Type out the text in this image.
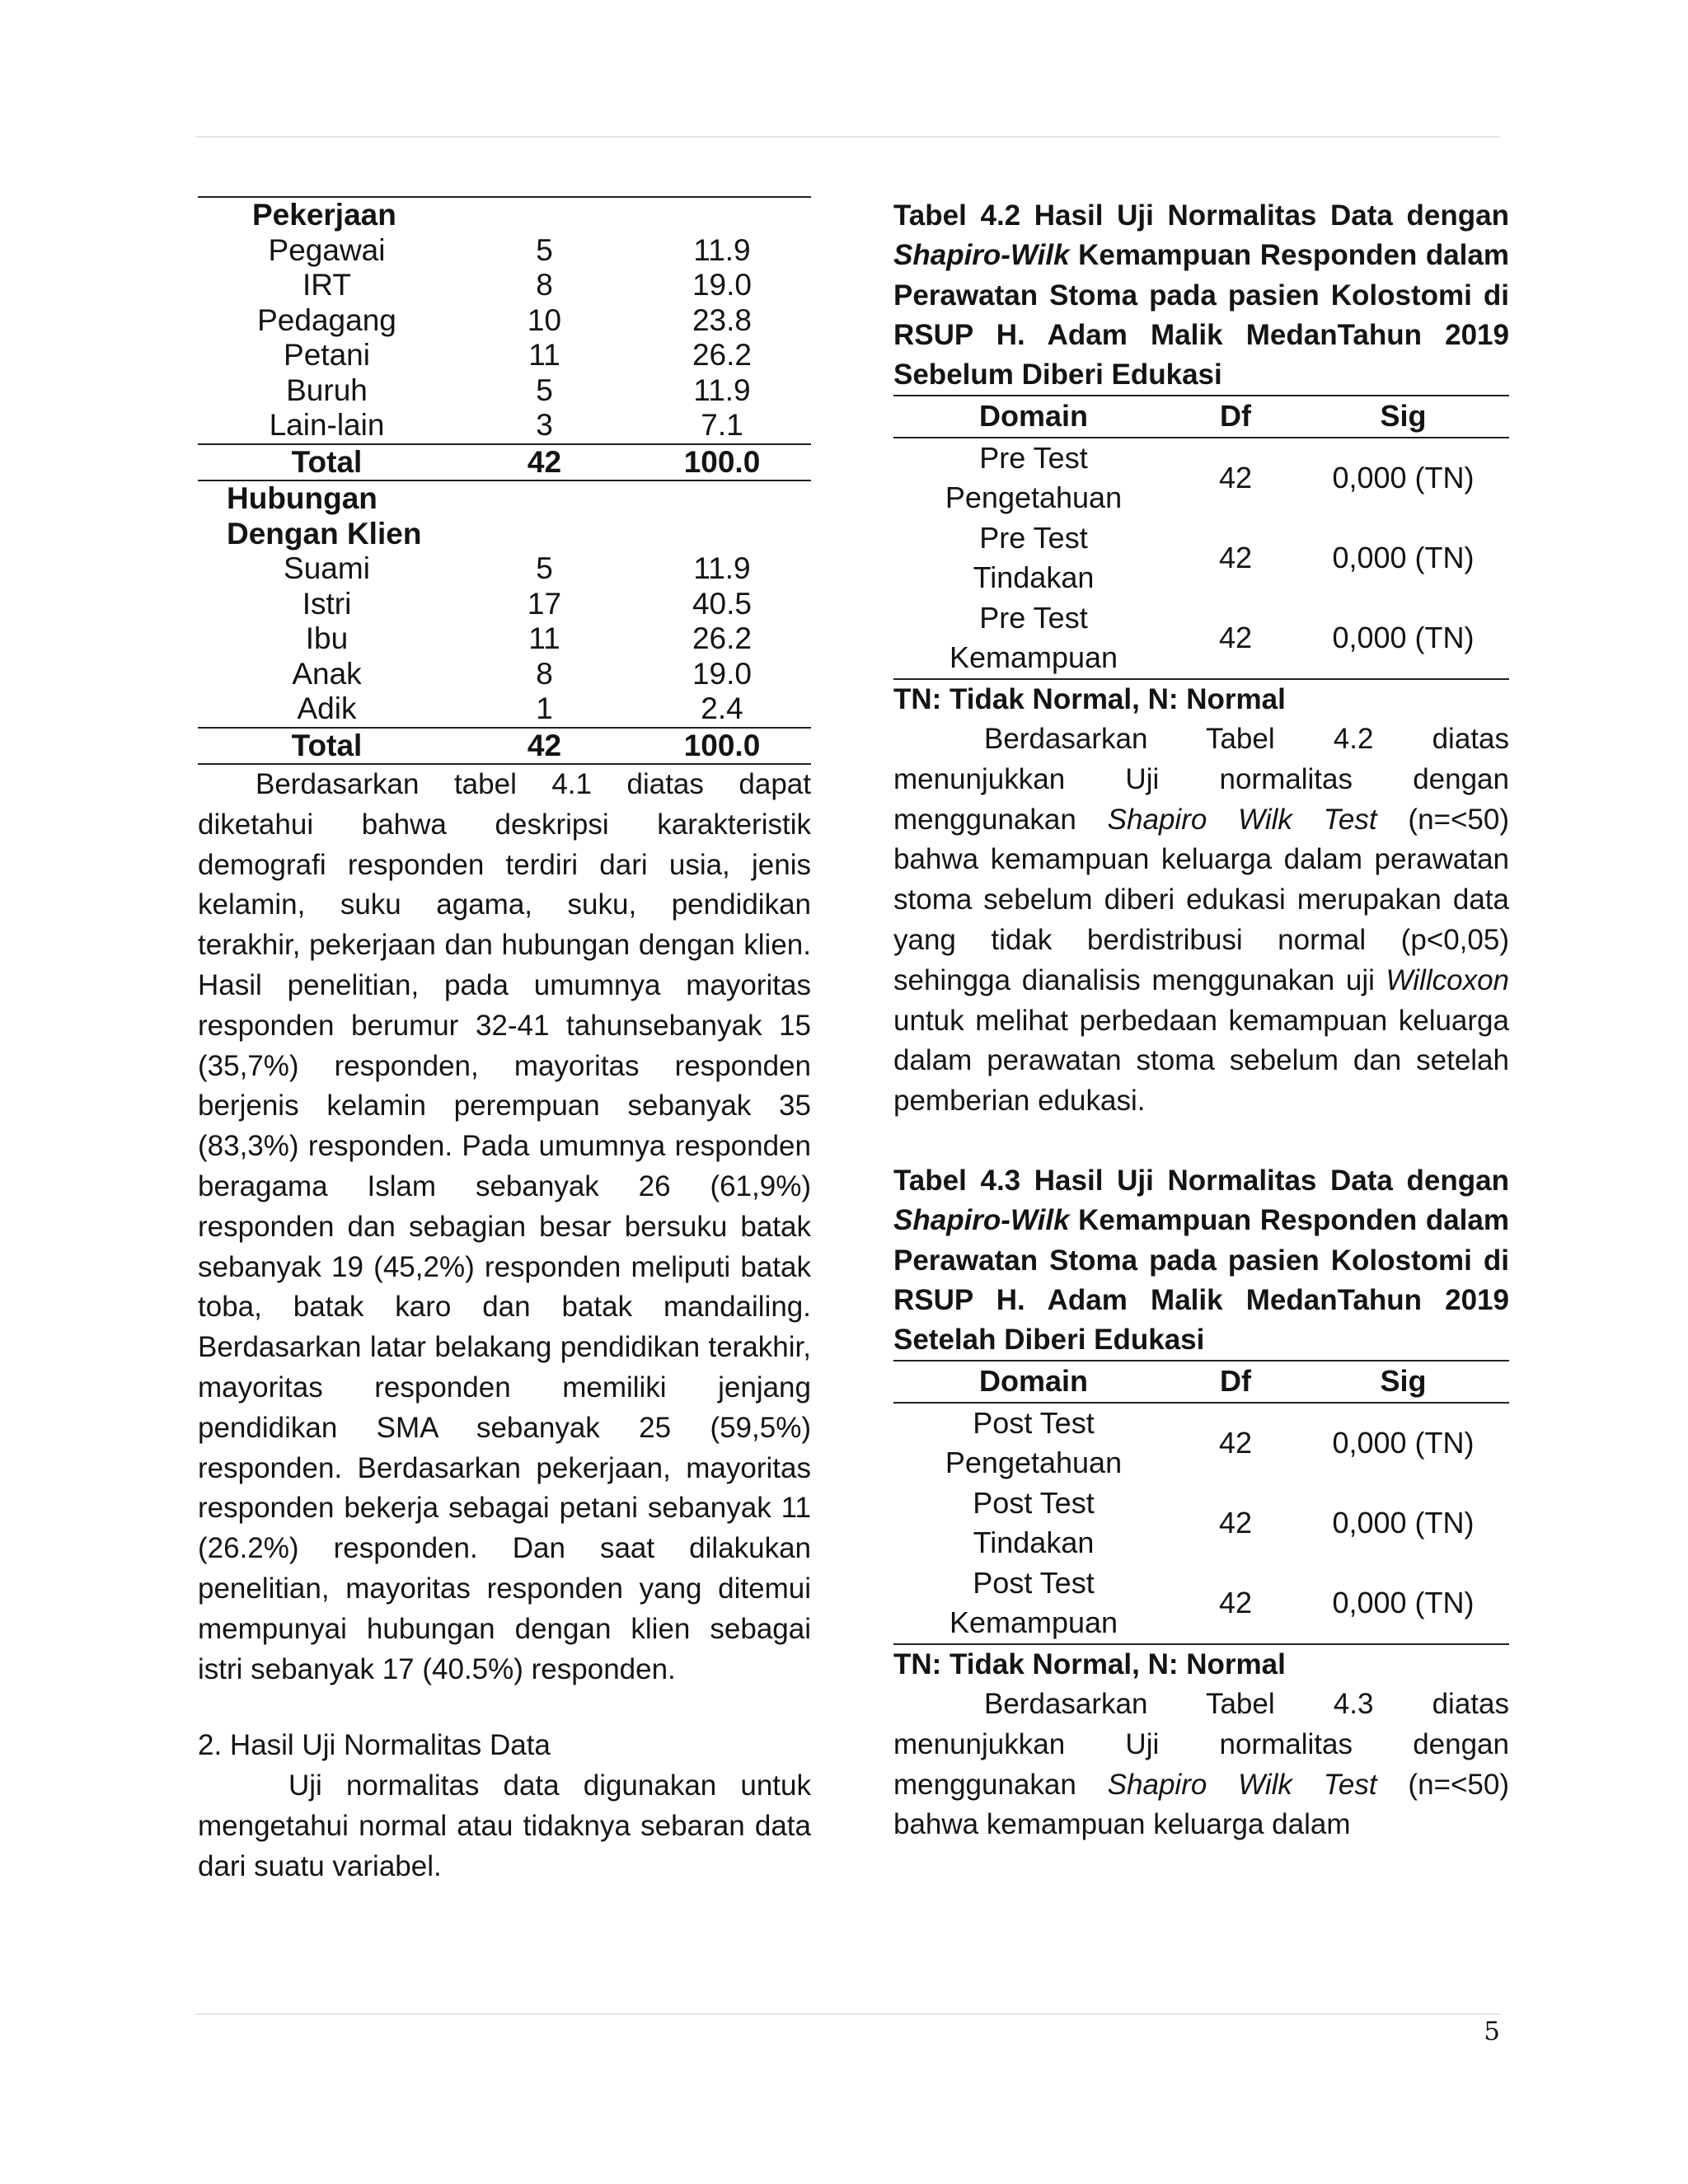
Pekerjaan		
Pegawai	5	11.9
IRT	8	19.0
Pedagang	10	23.8
Petani	11	26.2
Buruh	5	11.9
Lain-lain	3	7.1
Total	42	100.0
Hubungan
Dengan Klien		
Suami	5	11.9
Istri	17	40.5
Ibu	11	26.2
Anak	8	19.0
Adik	1	2.4
Total	42	100.0

Berdasarkan tabel 4.1 diatas dapat diketahui bahwa deskripsi karakteristik demografi responden terdiri dari usia, jenis kelamin, suku agama, suku, pendidikan terakhir, pekerjaan dan hubungan dengan klien. Hasil penelitian, pada umumnya mayoritas responden berumur 32-41 tahunsebanyak 15 (35,7%) responden, mayoritas responden berjenis kelamin perempuan sebanyak 35 (83,3%) responden. Pada umumnya responden beragama Islam sebanyak 26 (61,9%) responden dan sebagian besar bersuku batak sebanyak 19 (45,2%) responden meliputi batak toba, batak karo dan batak mandailing. Berdasarkan latar belakang pendidikan terakhir, mayoritas responden memiliki jenjang pendidikan SMA sebanyak 25 (59,5%) responden. Berdasarkan pekerjaan, mayoritas responden bekerja sebagai petani sebanyak 11 (26.2%) responden. Dan saat dilakukan penelitian, mayoritas responden yang ditemui mempunyai hubungan dengan klien sebagai istri sebanyak 17 (40.5%) responden.

2. Hasil Uji Normalitas Data

Uji normalitas data digunakan untuk mengetahui normal atau tidaknya sebaran data dari suatu variabel.

Tabel 4.2 Hasil Uji Normalitas Data dengan Shapiro-Wilk Kemampuan Responden dalam Perawatan Stoma pada pasien Kolostomi di RSUP H. Adam Malik MedanTahun 2019 Sebelum Diberi Edukasi

Domain	Df	Sig
Pre Test
Pengetahuan	42	0,000 (TN)
Pre Test
Tindakan	42	0,000 (TN)
Pre Test
Kemampuan	42	0,000 (TN)

TN: Tidak Normal, N: Normal

Berdasarkan Tabel 4.2 diatas menunjukkan Uji normalitas dengan menggunakan Shapiro Wilk Test (n=<50) bahwa kemampuan keluarga dalam perawatan stoma sebelum diberi edukasi merupakan data yang tidak berdistribusi normal (p<0,05) sehingga dianalisis menggunakan uji Willcoxon untuk melihat perbedaan kemampuan keluarga dalam perawatan stoma sebelum dan setelah pemberian edukasi.

Tabel 4.3 Hasil Uji Normalitas Data dengan Shapiro-Wilk Kemampuan Responden dalam Perawatan Stoma pada pasien Kolostomi di RSUP H. Adam Malik MedanTahun 2019 Setelah Diberi Edukasi

Domain	Df	Sig
Post Test
Pengetahuan	42	0,000 (TN)
Post Test
Tindakan	42	0,000 (TN)
Post Test
Kemampuan	42	0,000 (TN)

TN: Tidak Normal, N: Normal

Berdasarkan Tabel 4.3 diatas menunjukkan Uji normalitas dengan menggunakan Shapiro Wilk Test (n=<50) bahwa kemampuan keluarga dalam

5
